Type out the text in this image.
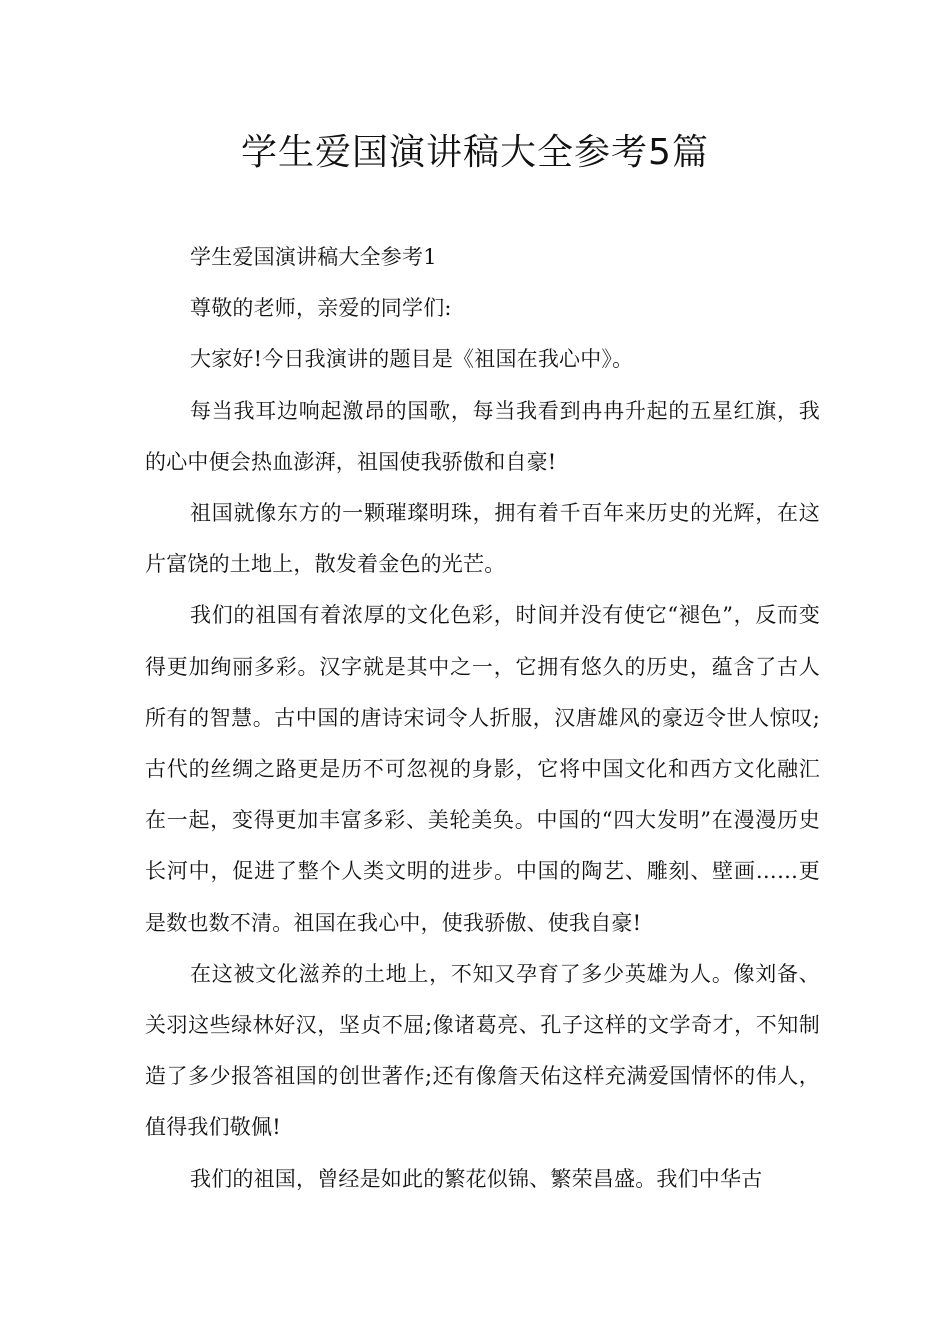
学生爱国演讲稿大全参考5篇

学生爱国演讲稿大全参考1

尊敬的老师，亲爱的同学们:

大家好!今日我演讲的题目是《祖国在我心中》。

每当我耳边响起激昂的国歌，每当我看到冉冉升起的五星红旗，我的心中便会热血澎湃，祖国使我骄傲和自豪!

祖国就像东方的一颗璀璨明珠，拥有着千百年来历史的光辉，在这片富饶的土地上，散发着金色的光芒。

我们的祖国有着浓厚的文化色彩，时间并没有使它“褪色”，反而变得更加绚丽多彩。汉字就是其中之一，它拥有悠久的历史，蕴含了古人所有的智慧。古中国的唐诗宋词令人折服，汉唐雄风的豪迈令世人惊叹;古代的丝绸之路更是历不可忽视的身影，它将中国文化和西方文化融汇在一起，变得更加丰富多彩、美轮美奂。中国的“四大发明”在漫漫历史长河中，促进了整个人类文明的进步。中国的陶艺、雕刻、壁画……更是数也数不清。祖国在我心中，使我骄傲、使我自豪!

在这被文化滋养的土地上，不知又孕育了多少英雄为人。像刘备、关羽这些绿林好汉，坚贞不屈;像诸葛亮、孔子这样的文学奇才，不知制造了多少报答祖国的创世著作;还有像詹天佑这样充满爱国情怀的伟人，值得我们敬佩!

我们的祖国，曾经是如此的繁花似锦、繁荣昌盛。我们中华古
